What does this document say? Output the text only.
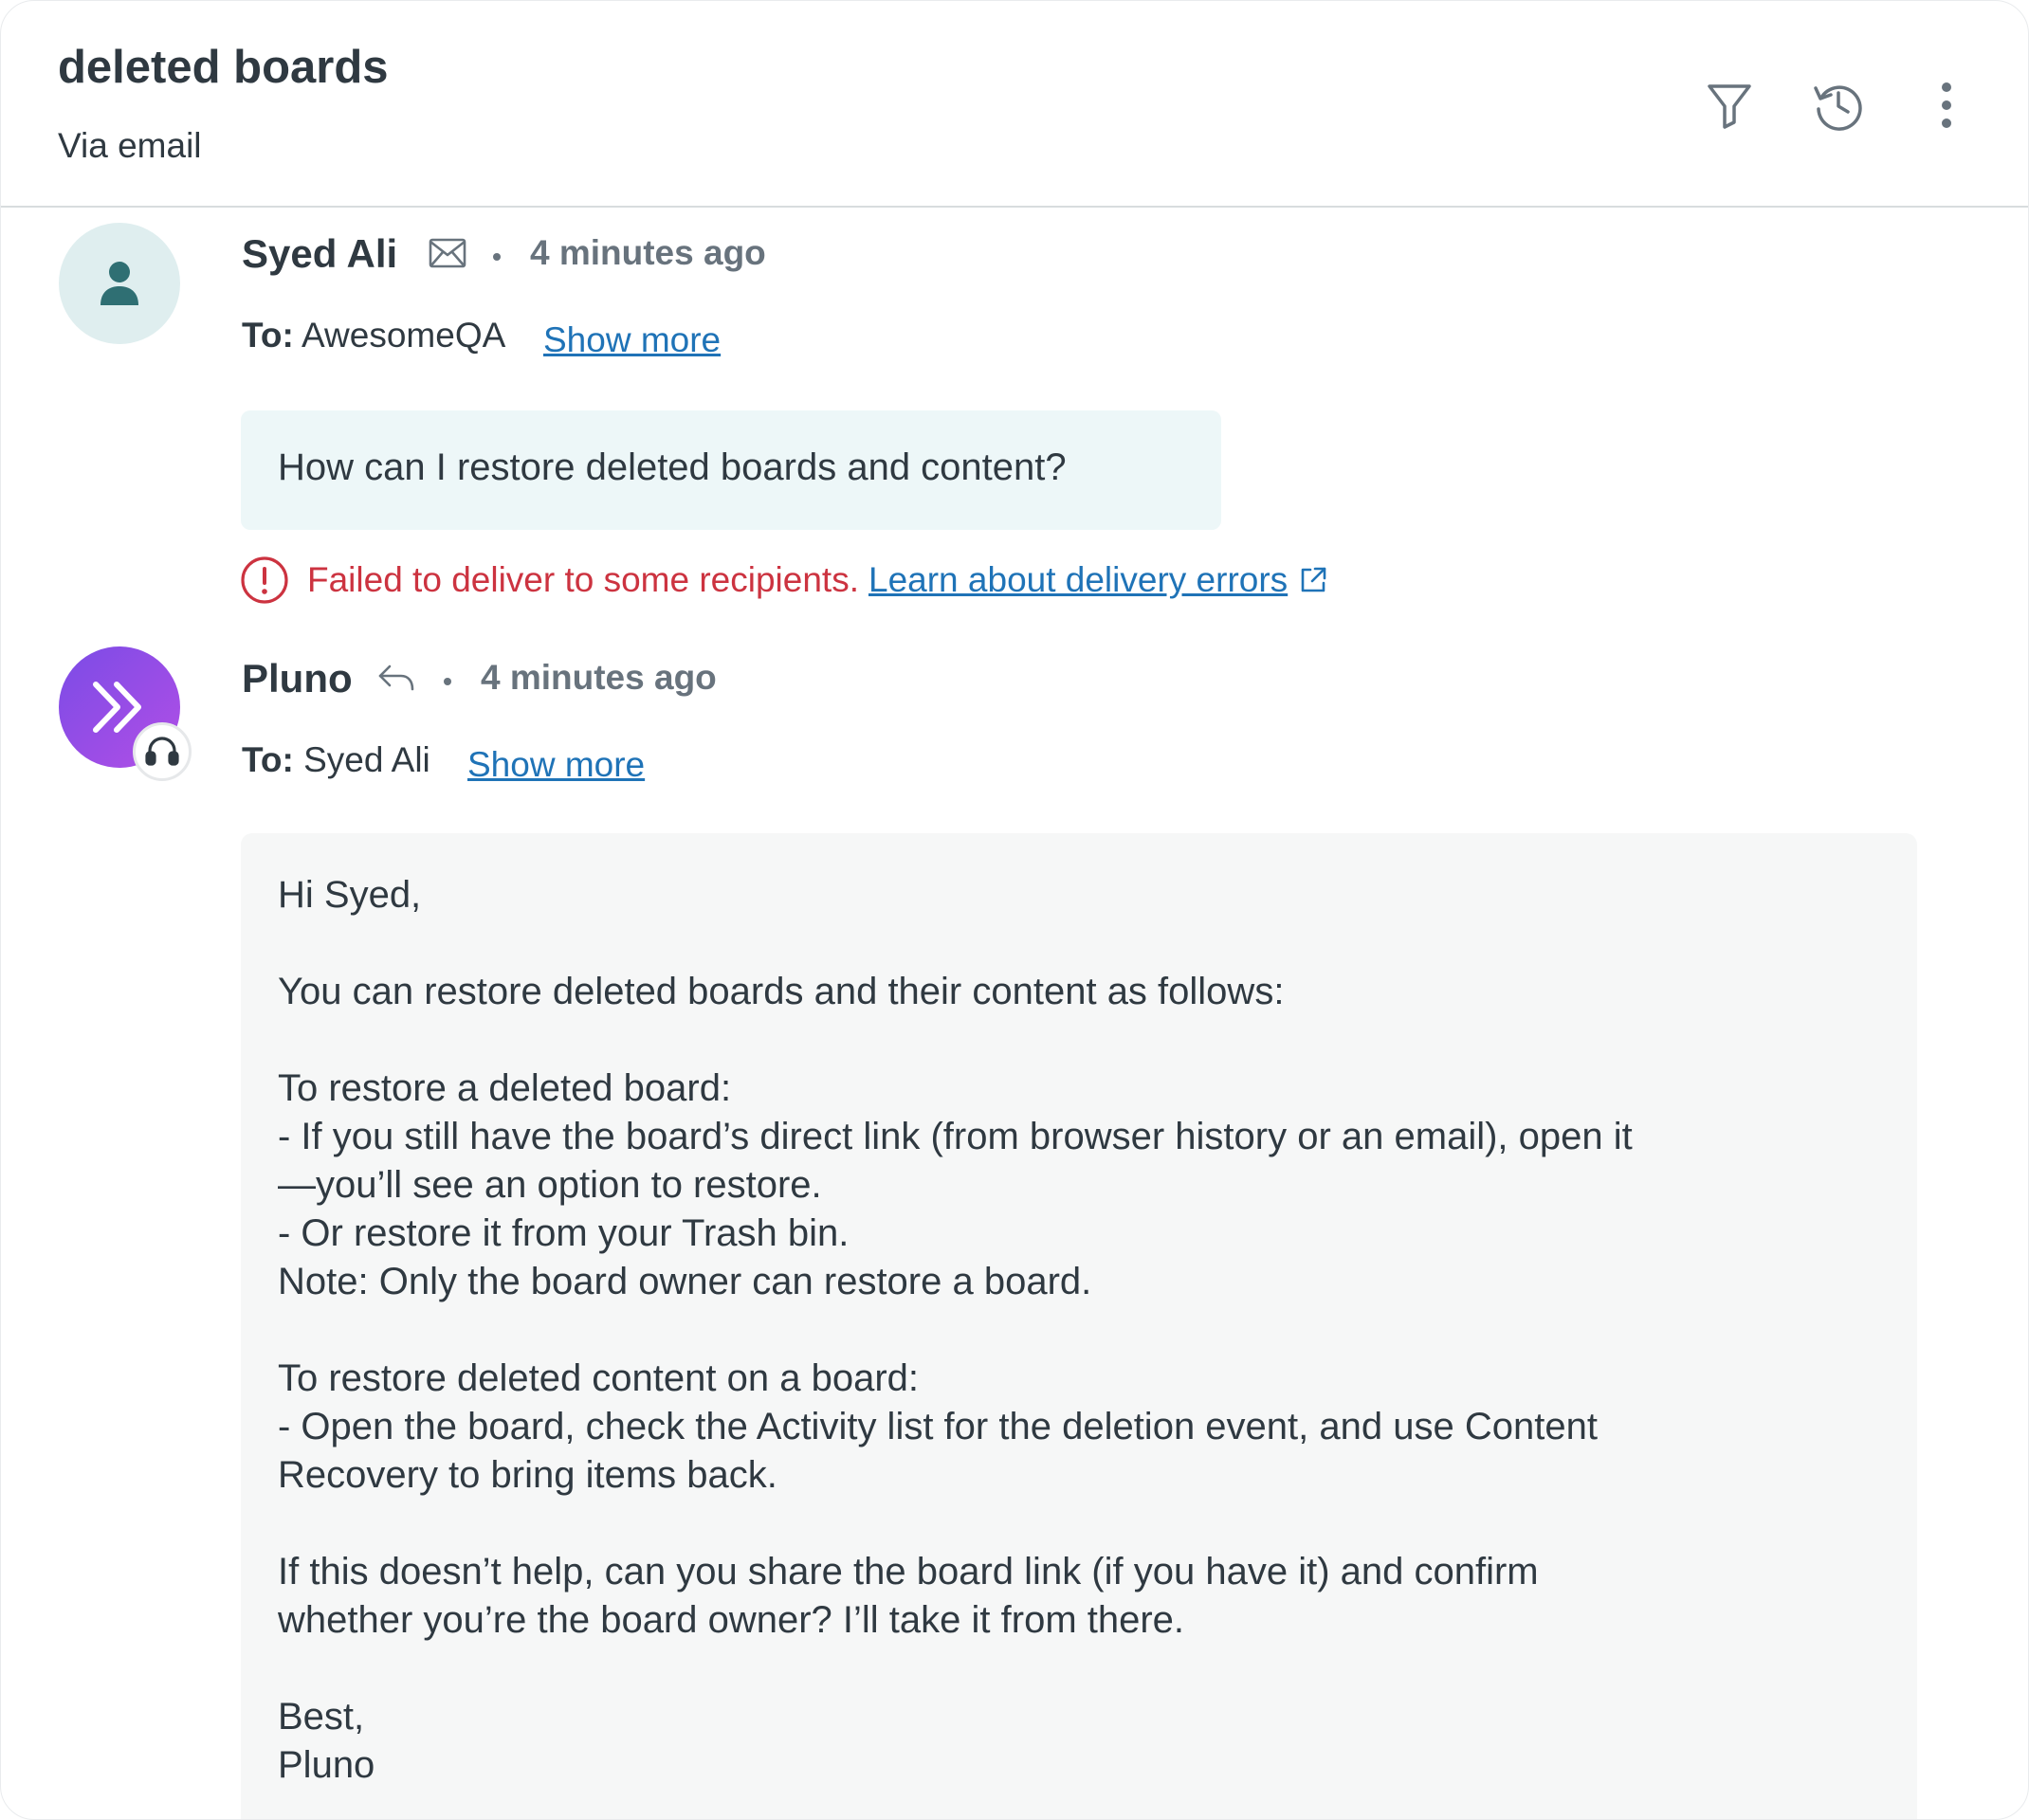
deleted boards
Via email
Syed Ali	4 minutes ago
To: AwesomeQA Show more
How can I restore deleted boards and content?
Failed to deliver to some recipients. Learn about delivery errors
Pluno	4 minutes ago
To: Syed Ali Show more
Hi Syed,
You can restore deleted boards and their content as follows:
To restore a deleted board:
- If you still have the board’s direct link (from browser history or an email), open it
—you’ll see an option to restore.
- Or restore it from your Trash bin.
Note: Only the board owner can restore a board.
To restore deleted content on a board:
- Open the board, check the Activity list for the deletion event, and use Content
Recovery to bring items back.
If this doesn’t help, can you share the board link (if you have it) and confirm
whether you’re the board owner? I’ll take it from there.
Best,
Pluno
